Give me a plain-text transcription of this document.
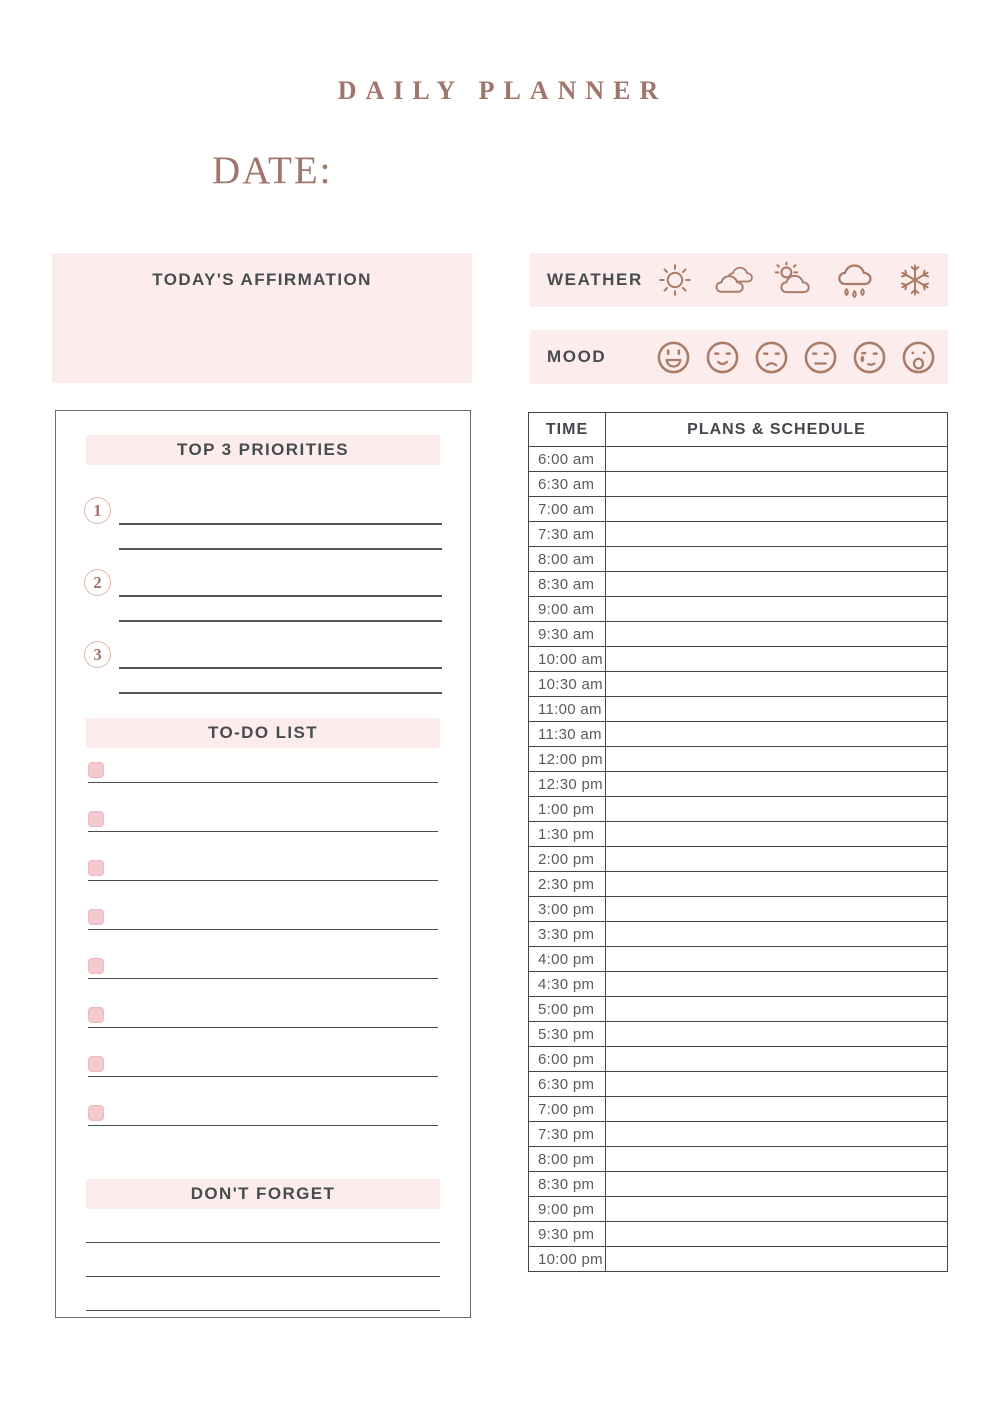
DAILY PLANNER
DATE:
TODAY'S AFFIRMATION	WEATHER
MOOD
TOP 3 PRIORITIES
1
2
3
TO-DO LIST
DON'T FORGET
TIME	PLANS & SCHEDULE
6:00 am	
6:30 am	
7:00 am	
7:30 am	
8:00 am	
8:30 am	
9:00 am	
9:30 am	
10:00 am	
10:30 am	
11:00 am	
11:30 am	
12:00 pm	
12:30 pm	
1:00 pm	
1:30 pm	
2:00 pm	
2:30 pm	
3:00 pm	
3:30 pm	
4:00 pm	
4:30 pm	
5:00 pm	
5:30 pm	
6:00 pm	
6:30 pm	
7:00 pm	
7:30 pm	
8:00 pm	
8:30 pm	
9:00 pm	
9:30 pm	
10:00 pm	
